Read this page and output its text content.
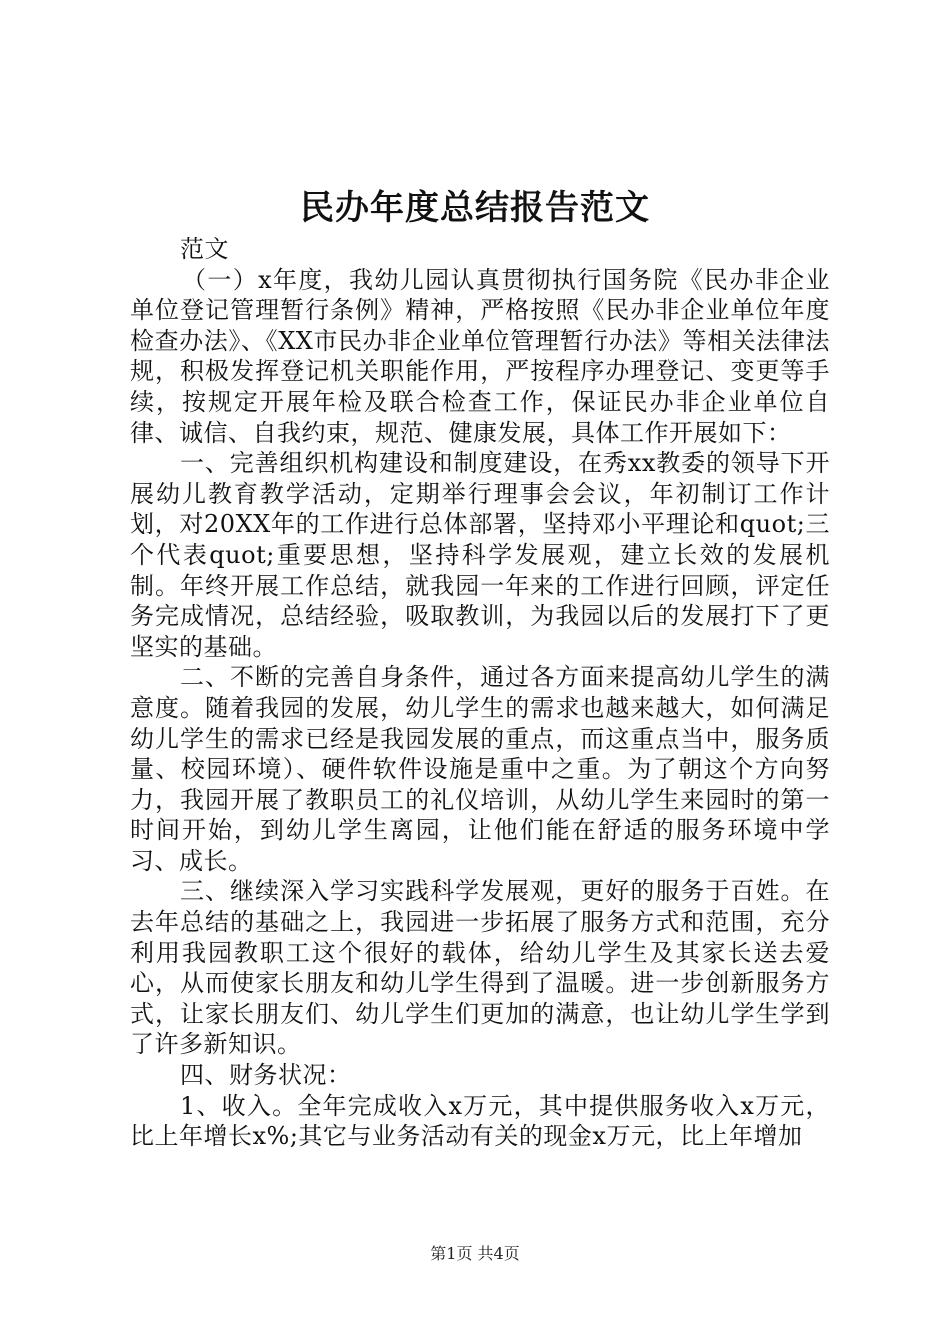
民办年度总结报告范文

范文

（一）x年度，我幼儿园认真贯彻执行国务院《民办非企业单位登记管理暂行条例》精神，严格按照《民办非企业单位年度检查办法》、《XX市民办非企业单位管理暂行办法》等相关法律法规，积极发挥登记机关职能作用，严按程序办理登记、变更等手续，按规定开展年检及联合检查工作，保证民办非企业单位自律、诚信、自我约束，规范、健康发展，具体工作开展如下：

一、完善组织机构建设和制度建设，在秀xx教委的领导下开展幼儿教育教学活动，定期举行理事会会议，年初制订工作计划，对20XX年的工作进行总体部署，坚持邓小平理论和quot;三个代表quot;重要思想，坚持科学发展观，建立长效的发展机制。年终开展工作总结，就我园一年来的工作进行回顾，评定任务完成情况，总结经验，吸取教训，为我园以后的发展打下了更坚实的基础。

二、不断的完善自身条件，通过各方面来提高幼儿学生的满意度。随着我园的发展，幼儿学生的需求也越来越大，如何满足幼儿学生的需求已经是我园发展的重点，而这重点当中，服务质量、校园环境）、硬件软件设施是重中之重。为了朝这个方向努力，我园开展了教职员工的礼仪培训，从幼儿学生来园时的第一时间开始，到幼儿学生离园，让他们能在舒适的服务环境中学习、成长。

三、继续深入学习实践科学发展观，更好的服务于百姓。在去年总结的基础之上，我园进一步拓展了服务方式和范围，充分利用我园教职工这个很好的载体，给幼儿学生及其家长送去爱心，从而使家长朋友和幼儿学生得到了温暖。进一步创新服务方式，让家长朋友们、幼儿学生们更加的满意，也让幼儿学生学到了许多新知识。

四、财务状况：

1、收入。全年完成收入x万元，其中提供服务收入x万元，比上年增长x%;其它与业务活动有关的现金x万元，比上年增加

第1页 共4页
